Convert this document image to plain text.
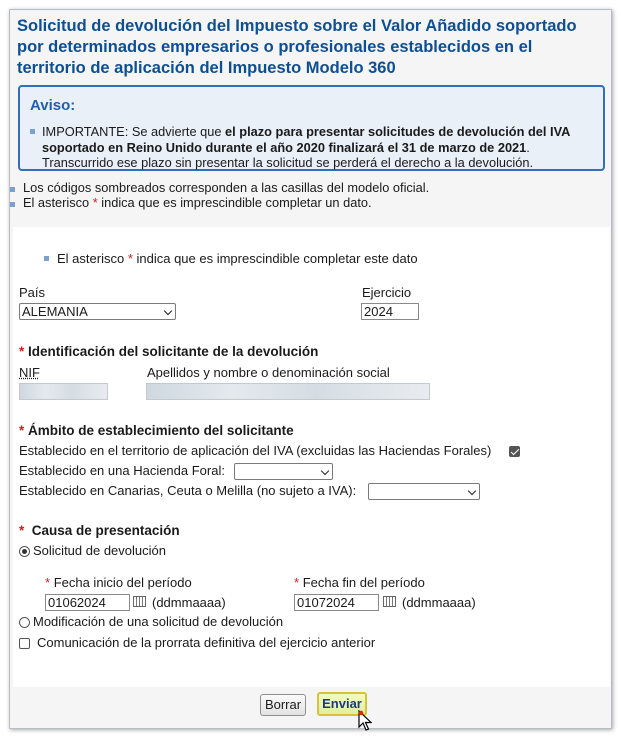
Solicitud de devolución del Impuesto sobre el Valor Añadido soportado por determinados empresarios o profesionales establecidos en el territorio de aplicación del Impuesto Modelo 360
Aviso:
IMPORTANTE: Se advierte que el plazo para presentar solicitudes de devolución del IVA soportado en Reino Unido durante el año 2020 finalizará el 31 de marzo de 2021. Transcurrido ese plazo sin presentar la solicitud se perderá el derecho a la devolución.
Los códigos sombreados corresponden a las casillas del modelo oficial.
El asterisco * indica que es imprescindible completar un dato.
El asterisco * indica que es imprescindible completar este dato
País
ALEMANIA
Ejercicio
2024
* Identificación del solicitante de la devolución
NIF	Apellidos y nombre o denominación social
* Ámbito de establecimiento del solicitante
Establecido en el territorio de aplicación del IVA (excluidas las Haciendas Forales)
Establecido en una Hacienda Foral:
Establecido en Canarias, Ceuta o Melilla (no sujeto a IVA):
* Causa de presentación
Solicitud de devolución
* Fecha inicio del período
01062024	(ddmmaaaa)
* Fecha fin del período
01072024	(ddmmaaaa)
Modificación de una solicitud de devolución
Comunicación de la prorrata definitiva del ejercicio anterior
Borrar	Enviar
